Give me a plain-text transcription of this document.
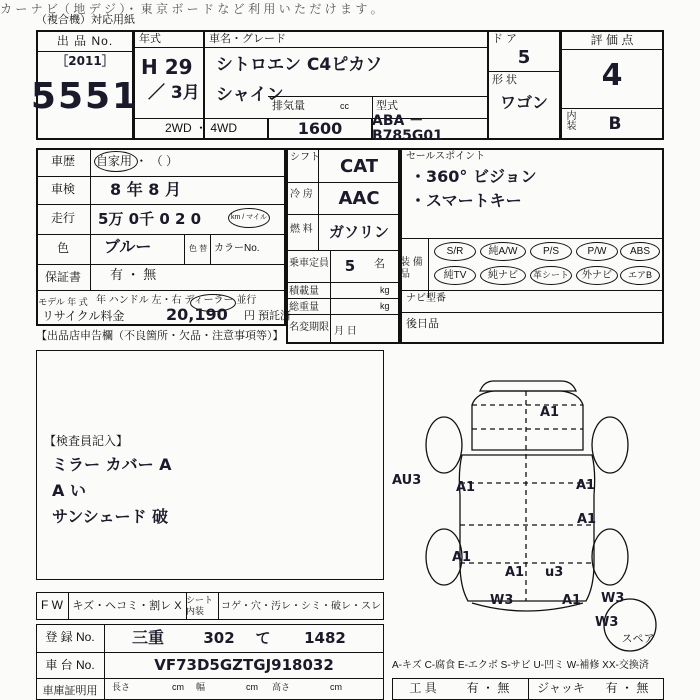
カ ー ナ ビ（ 地 デ ジ ）・ 東 京 ボ ー ド な ど 利 用 い た だ け ま す 。
（複合機）対応用紙
出 品 No.
［2011］
5551
年式
H 29
／ 3月
車名・グレード
シトロエン C4ピカソ
シャイン
ド ア
5
形 状
ワゴン
評 価 点
4
内装	B
2WD ・ 4WD
排気量	cc
1600
型式
ABA － B785G01
車歴	自家用 ・ （ ）
車検	8 年 8 月
走行	5万 0千 0 2 0	km / マイル
色	ブルー	色 替 カラーNo.
保証書	有 ・ 無
モデル 年 式 年 ハンドル 左・右 ディーラー 並行
リサイクル料金	20,190 円 預託済
【出品店申告欄（不良箇所・欠品・注意事項等）】
シフト	CAT
冷 房	AAC
燃 料	ガソリン
乗車定員	5	名
積載量	kg
総重量	kg
名変期限 月 日
セールスポイント
・360° ビジョン
・スマートキー
装 備 品
S/R	純A/W	P/S	P/W	ABS
純TV	純ナビ	革シート	外ナビ	エアB
ナビ型番
後日品
【検査員記入】
ミラー カバー A
A い
サンシェード 破
A1
AU3	A1
A1
A1
A1
A1 u3
W3	A1 W3
W3
スペア
F W キズ・ヘコミ・割レ X シート内装	コゲ・穴・汚レ・シミ・破レ・スレ
登 録 No.	三重	302	て	1482
車 台 No.	VF73D5GZTGJ918032
車庫証明用	長さ	cm 幅	cm 高さ	cm
A-キズ C-腐食 E-エクボ S-サビ U-凹ミ W-補修 XX-交換済
工 具	有 ・ 無	ジャッキ	有 ・ 無
